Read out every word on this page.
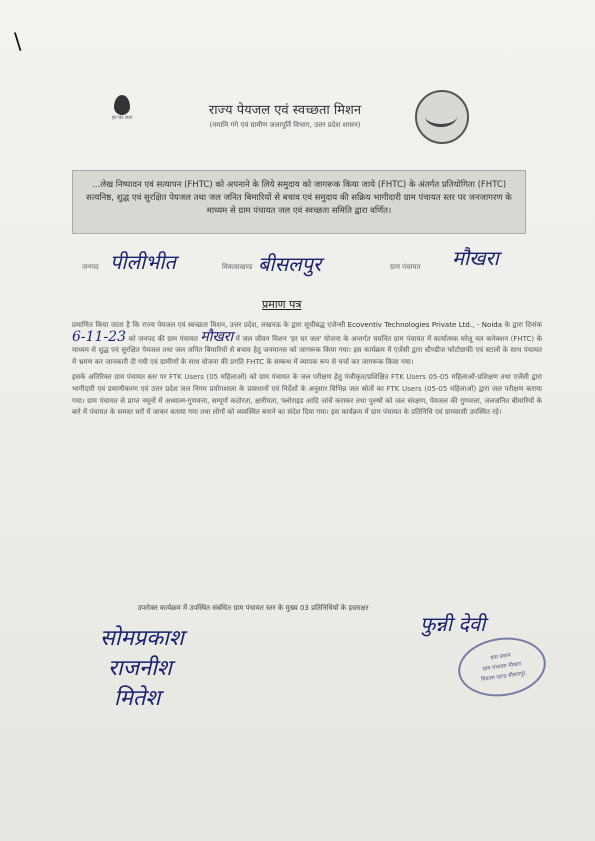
\
हर घर जल	राज्य पेयजल एवं स्वच्छता मिशन
(नमामि गंगे एवं ग्रामीण जलापूर्ति विभाग, उत्तर प्रदेश शासन)

…लेख निष्पादन एवं सत्यापन (FHTC) को अपनाने के लिये समुदाय को जागरूक किया जाये (FHTC) के अंतर्गत प्रतियोगिता (FHTC) सत्यनिष्ठ, शुद्ध एवं सुरक्षित पेयजल तथा जल जनित बिमारियों से बचाव एवं समुदाय की सक्रिय भागीदारी ग्राम पंचायत स्तर पर जनजागरण के माध्यम से ग्राम पंचायत जल एवं स्वच्छता समिति द्वारा वर्णित।

जनपद पीलीभीत	विकासखण्ड बीसलपुर	ग्राम पंचायत मौखरा
प्रमाण पत्र

प्रमाणित किया जाता है कि राज्य पेयजल एवं स्वच्छता मिशन, उत्तर प्रदेश, लखनऊ के द्वारा सूचीबद्ध एजेन्सी Ecoventiv Technologies Private Ltd., - Noida के द्वारा दिनांक 6-11-23 को जनपद की ग्राम पंचायत मौखरा में जल जीवन मिशन 'हर घर जल' योजना के अन्तर्गत चयनित ग्राम पंचायत में कार्यात्मक घरेलू नल कनेक्शन (FHTC) के माध्यम से शुद्ध एवं सुरक्षित पेयजल तथा जल जनित बिमारियों से बचाव हेतु जनमानस को जागरूक किया गया। इस कार्यक्रम में एजेंसी द्वारा स्टैण्डीज फोटोग्राफी एवं स्टालों के साथ पंचायत में भ्रमण कर जानकारी दी गयी एवं ग्रामीणों के साथ योजना की प्रगति FHTC के सम्बन्ध में व्यापक रूप से चर्चा कर जागरूक किया गया।

इसके अतिरिक्त ग्राम पंचायत स्तर पर FTK Users (05 महिलाओं) को ग्राम पंचायत के जल परीक्षण हेतु पंजीकृत/प्रशिक्षित FTK Users 05-05 महिलाओं-प्रशिक्षण तथा एजेंसी द्वारा भागीदारी एवं प्रमाणीकरण एवं उत्तर प्रदेश जल निगम प्रयोगशाला के प्रावधानों एवं निर्देशों के अनुसार विभिन्न जल स्रोतों का FTK Users (05-05 महिलाओं) द्वारा जल परीक्षण कराया गया। ग्राम पंचायत से प्राप्त नमूनों में अध्यात्म-गुणवत्ता, सम्पूर्ण कठोरता, क्षारीयता, फ्लोराइड आदि जांचें कराकर तथा पुरुषों को जल संरक्षण, पेयजल की गुणवत्ता, जलजनित बीमारियों के बारे में पंचायत के समस्त घरों में जाकर बताया गया तथा लोगों को व्यवस्थित बनाने का संदेश दिया गया। इस कार्यक्रम में ग्राम पंचायत के प्रतिनिधि एवं ग्रामवासी उपस्थित रहे।

उपरोक्त कार्यक्रम में उपस्थित संबंधित ग्राम पंचायत स्तर के मुख्य 03 प्रतिनिधियों के हस्ताक्षर
सोमप्रकाश
राजनीश
मितेश
फुन्नी देवी
ग्राम प्रधान
ग्राम पंचायत मौखरा
विकास खण्ड बीसलपुर
